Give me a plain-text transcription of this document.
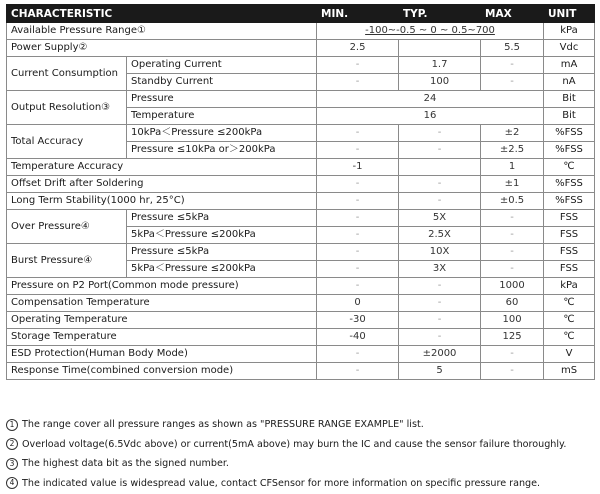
CHARACTERISTIC		MIN.	TYP.	MAX	UNIT
Available Pressure Range①		-100~-0.5 ~ 0 ~ 0.5~700			kPa
Power Supply②		2.5		5.5	Vdc
Current Consumption	Operating Current	-	1.7	-	mA
	Standby Current	-	100	-	nA
Output Resolution③	Pressure	24			Bit
	Temperature	16			Bit
Total Accuracy	10kPa＜Pressure ≤200kPa	-	-	±2	%FSS
	Pressure ≤10kPa or＞200kPa	-	-	±2.5	%FSS
Temperature Accuracy		-1		1	℃
Offset Drift after Soldering		-	-	±1	%FSS
Long Term Stability(1000 hr, 25°C)		-	-	±0.5	%FSS
Over Pressure④	Pressure ≤5kPa	-	5X	-	FSS
	5kPa＜Pressure ≤200kPa	-	2.5X	-	FSS
Burst Pressure④	Pressure ≤5kPa	-	10X	-	FSS
	5kPa＜Pressure ≤200kPa	-	3X	-	FSS
Pressure on P2 Port(Common mode pressure)		-	-	1000	kPa
Compensation Temperature		0	-	60	℃
Operating Temperature		-30	-	100	℃
Storage Temperature		-40	-	125	℃
ESD Protection(Human Body Mode)		-	±2000	-	V
Response Time(combined conversion mode)		-	5	-	mS
1 The range cover all pressure ranges as shown as "PRESSURE RANGE EXAMPLE" list.
2 Overload voltage(6.5Vdc above) or current(5mA above) may burn the IC and cause the sensor failure thoroughly.
3 The highest data bit as the signed number.
4 The indicated value is widespread value, contact CFSensor for more information on specific pressure range.
